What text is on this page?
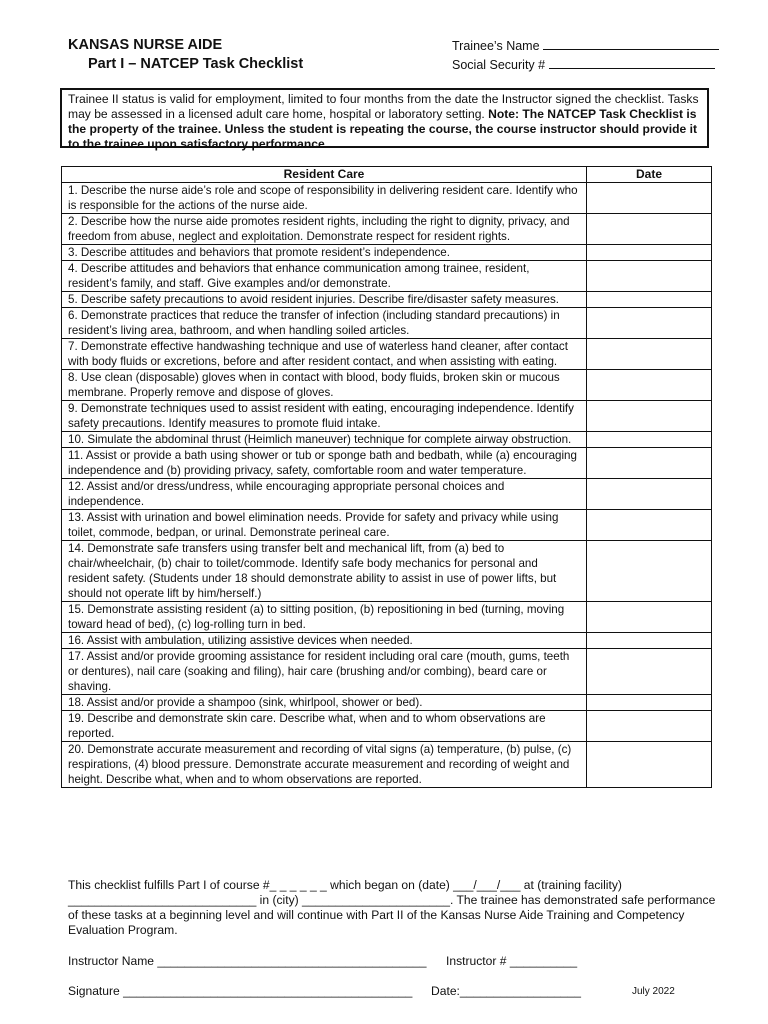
KANSAS NURSE AIDE
Part I – NATCEP Task Checklist
Trainee’s Name
Social Security #
Trainee II status is valid for employment, limited to four months from the date the Instructor signed the checklist. Tasks may be assessed in a licensed adult care home, hospital or laboratory setting. Note: The NATCEP Task Checklist is the property of the trainee. Unless the student is repeating the course, the course instructor should provide it to the trainee upon satisfactory performance.
Resident Care	Date
1. Describe the nurse aide’s role and scope of responsibility in delivering resident care. Identify who is responsible for the actions of the nurse aide.	
2. Describe how the nurse aide promotes resident rights, including the right to dignity, privacy, and freedom from abuse, neglect and exploitation. Demonstrate respect for resident rights.	
3. Describe attitudes and behaviors that promote resident’s independence.	
4. Describe attitudes and behaviors that enhance communication among trainee, resident, resident’s family, and staff. Give examples and/or demonstrate.	
5. Describe safety precautions to avoid resident injuries. Describe fire/disaster safety measures.	
6. Demonstrate practices that reduce the transfer of infection (including standard precautions) in resident’s living area, bathroom, and when handling soiled articles.	
7. Demonstrate effective handwashing technique and use of waterless hand cleaner, after contact with body fluids or excretions, before and after resident contact, and when assisting with eating.	
8. Use clean (disposable) gloves when in contact with blood, body fluids, broken skin or mucous membrane. Properly remove and dispose of gloves.	
9. Demonstrate techniques used to assist resident with eating, encouraging independence. Identify safety precautions. Identify measures to promote fluid intake.	
10. Simulate the abdominal thrust (Heimlich maneuver) technique for complete airway obstruction.	
11. Assist or provide a bath using shower or tub or sponge bath and bedbath, while (a) encouraging independence and (b) providing privacy, safety, comfortable room and water temperature.	
12. Assist and/or dress/undress, while encouraging appropriate personal choices and independence.	
13. Assist with urination and bowel elimination needs. Provide for safety and privacy while using toilet, commode, bedpan, or urinal. Demonstrate perineal care.	
14. Demonstrate safe transfers using transfer belt and mechanical lift, from (a) bed to chair/wheelchair, (b) chair to toilet/commode. Identify safe body mechanics for personal and resident safety. (Students under 18 should demonstrate ability to assist in use of power lifts, but should not operate lift by him/herself.)	
15. Demonstrate assisting resident (a) to sitting position, (b) repositioning in bed (turning, moving toward head of bed), (c) log-rolling turn in bed.	
16. Assist with ambulation, utilizing assistive devices when needed.	
17. Assist and/or provide grooming assistance for resident including oral care (mouth, gums, teeth or dentures), nail care (soaking and filing), hair care (brushing and/or combing), beard care or shaving.	
18. Assist and/or provide a shampoo (sink, whirlpool, shower or bed).	
19. Describe and demonstrate skin care. Describe what, when and to whom observations are reported.	
20. Demonstrate accurate measurement and recording of vital signs (a) temperature, (b) pulse, (c) respirations, (4) blood pressure. Demonstrate accurate measurement and recording of weight and height. Describe what, when and to whom observations are reported.	
This checklist fulfills Part I of course #_ _ _ _ _ _ which began on (date) ___/___/___ at (training facility) ____________________________ in (city) ______________________. The trainee has demonstrated safe performance of these tasks at a beginning level and will continue with Part II of the Kansas Nurse Aide Training and Competency Evaluation Program.
Instructor Name ________________________________________ Instructor # __________
Signature ___________________________________________ Date:__________________	July 2022
